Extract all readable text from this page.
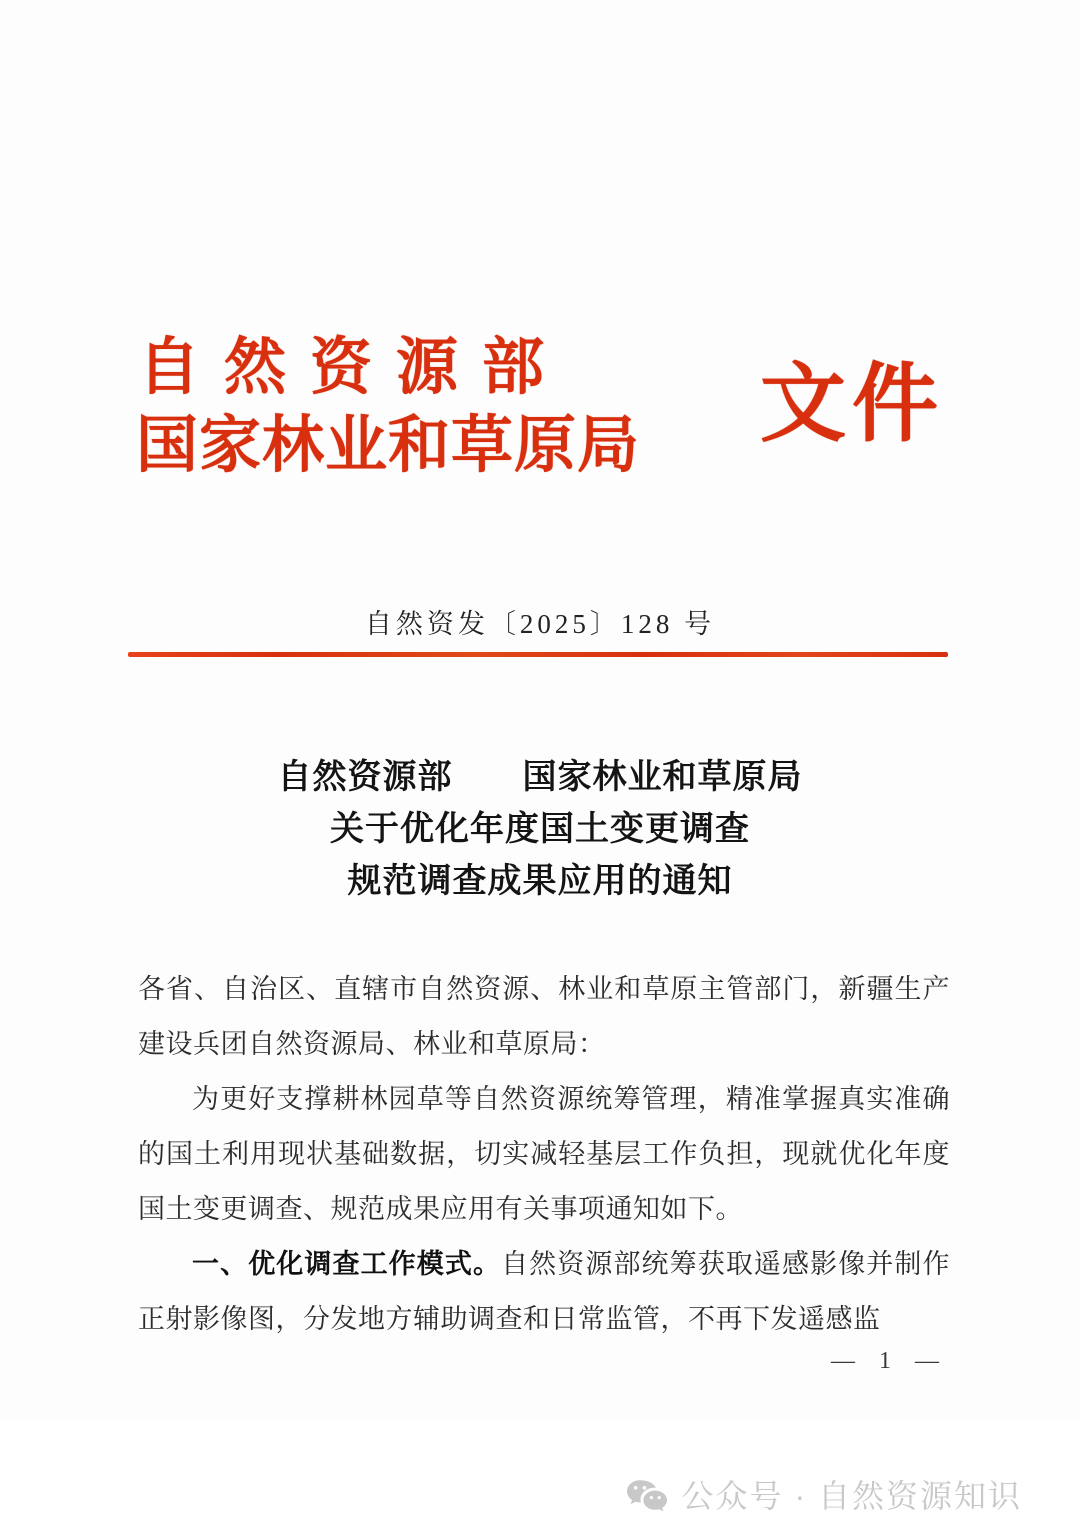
自然资源部
国家林业和草原局	文件
自然资发〔2025〕128 号
自然资源部　　国家林业和草原局
关于优化年度国土变更调查
规范调查成果应用的通知

各省、自治区、直辖市自然资源、林业和草原主管部门，新疆生产建设兵团自然资源局、林业和草原局：

为更好支撑耕林园草等自然资源统筹管理，精准掌握真实准确的国土利用现状基础数据，切实减轻基层工作负担，现就优化年度国土变更调查、规范成果应用有关事项通知如下。

一、优化调查工作模式。自然资源部统筹获取遥感影像并制作正射影像图，分发地方辅助调查和日常监管，不再下发遥感监

— 1 —
公众号 · 自然资源知识
